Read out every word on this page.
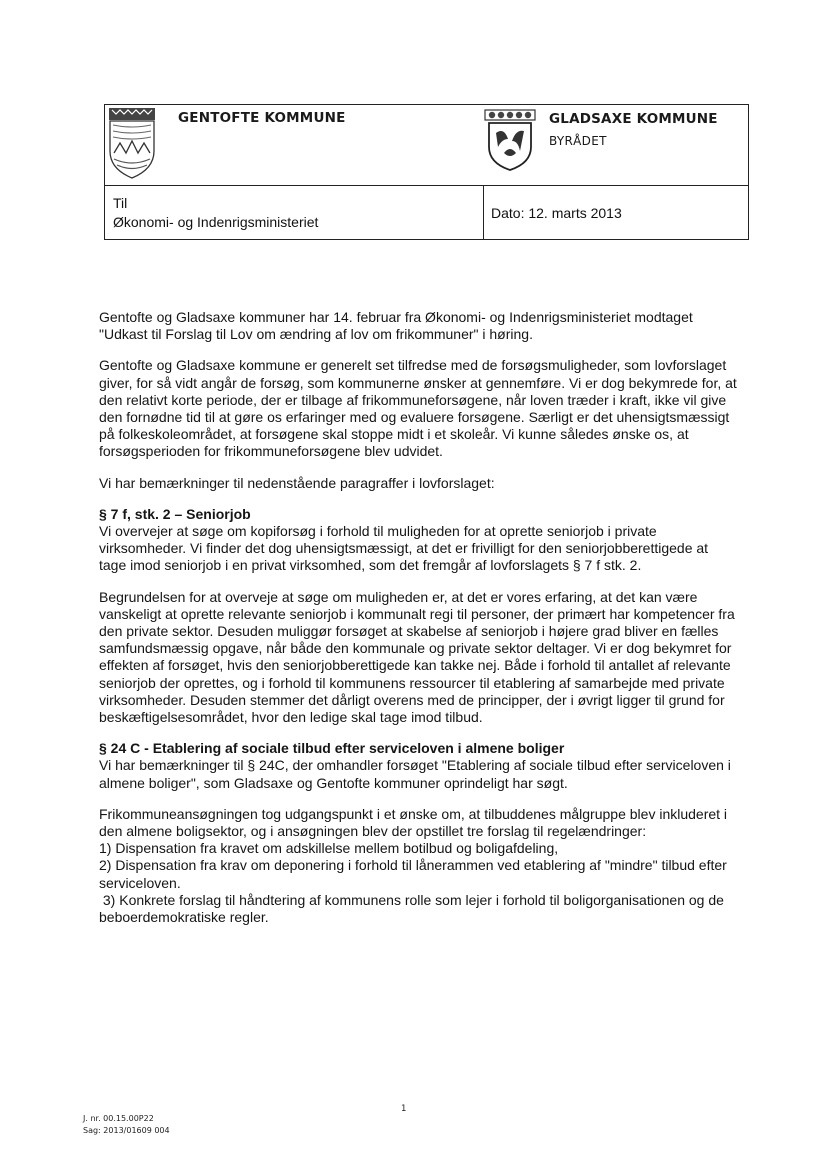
GENTOFTE KOMMUNE	GLADSAXE KOMMUNE
BYRÅDET
Til
Økonomi- og Indenrigsministeriet
Dato: 12. marts 2013

Gentofte og Gladsaxe kommuner har 14. februar fra Økonomi- og Indenrigsministeriet modtaget "Udkast til Forslag til Lov om ændring af lov om frikommuner" i høring.

Gentofte og Gladsaxe kommune er generelt set tilfredse med de forsøgsmuligheder, som lovforslaget giver, for så vidt angår de forsøg, som kommunerne ønsker at gennemføre. Vi er dog bekymrede for, at den relativt korte periode, der er tilbage af frikommuneforsøgene, når loven træder i kraft, ikke vil give den fornødne tid til at gøre os erfaringer med og evaluere forsøgene. Særligt er det uhensigtsmæssigt på folkeskoleområdet, at forsøgene skal stoppe midt i et skoleår. Vi kunne således ønske os, at forsøgsperioden for frikommuneforsøgene blev udvidet.

Vi har bemærkninger til nedenstående paragraffer i lovforslaget:

§ 7 f, stk. 2 – Seniorjob

Vi overvejer at søge om kopiforsøg i forhold til muligheden for at oprette seniorjob i private virksomheder. Vi finder det dog uhensigtsmæssigt, at det er frivilligt for den seniorjobberettigede at tage imod seniorjob i en privat virksomhed, som det fremgår af lovforslagets § 7 f stk. 2.

Begrundelsen for at overveje at søge om muligheden er, at det er vores erfaring, at det kan være vanskeligt at oprette relevante seniorjob i kommunalt regi til personer, der primært har kompetencer fra den private sektor. Desuden muliggør forsøget at skabelse af seniorjob i højere grad bliver en fælles samfundsmæssig opgave, når både den kommunale og private sektor deltager. Vi er dog bekymret for effekten af forsøget, hvis den seniorjobberettigede kan takke nej. Både i forhold til antallet af relevante seniorjob der oprettes, og i forhold til kommunens ressourcer til etablering af samarbejde med private virksomheder. Desuden stemmer det dårligt overens med de principper, der i øvrigt ligger til grund for beskæftigelsesområdet, hvor den ledige skal tage imod tilbud.

§ 24 C - Etablering af sociale tilbud efter serviceloven i almene boliger

Vi har bemærkninger til § 24C, der omhandler forsøget "Etablering af sociale tilbud efter serviceloven i almene boliger", som Gladsaxe og Gentofte kommuner oprindeligt har søgt.

Frikommuneansøgningen tog udgangspunkt i et ønske om, at tilbuddenes målgruppe blev inkluderet i den almene boligsektor, og i ansøgningen blev der opstillet tre forslag til regelændringer:

1) Dispensation fra kravet om adskillelse mellem botilbud og boligafdeling,

2) Dispensation fra krav om deponering i forhold til lånerammen ved etablering af "mindre" tilbud efter serviceloven.

3) Konkrete forslag til håndtering af kommunens rolle som lejer i forhold til boligorganisationen og de beboerdemokratiske regler.

J. nr. 00.15.00P22
Sag: 2013/01609 004
1
